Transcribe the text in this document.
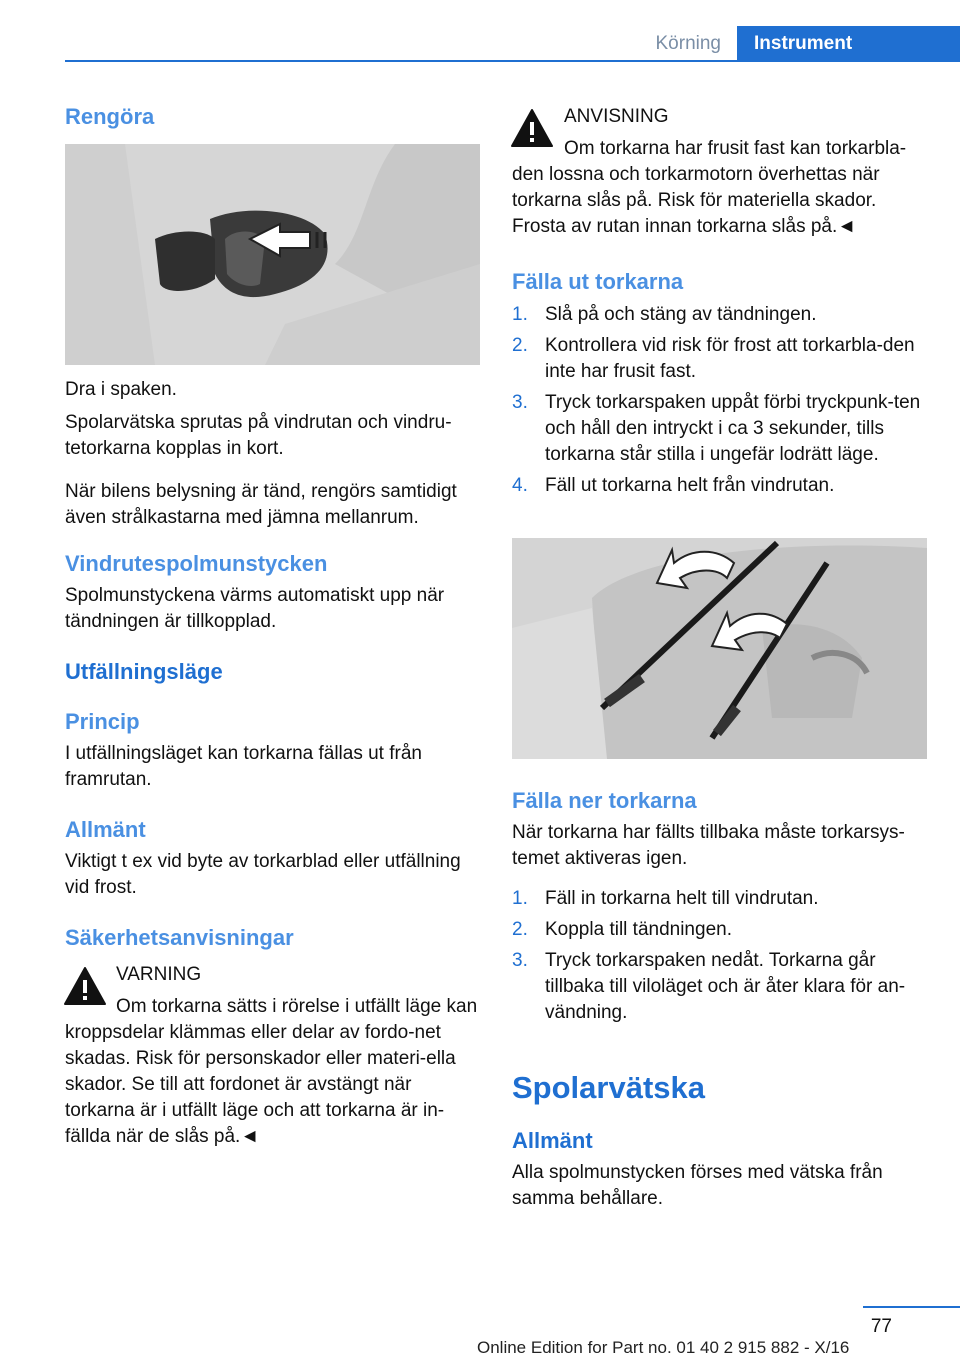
Körning	Instrument
Rengöra
Dra i spaken.
Spolarvätska sprutas på vindrutan och vindru‐tetorkarna kopplas in kort.
När bilens belysning är tänd, rengörs samtidigt även strålkastarna med jämna mellanrum.
Vindrutespolmunstycken
Spolmunstyckena värms automatiskt upp när tändningen är tillkopplad.
Utfällningsläge
Princip
I utfällningsläget kan torkarna fällas ut från framrutan.
Allmänt
Viktigt t ex vid byte av torkarblad eller utfällning vid frost.
Säkerhetsanvisningar
VARNING
Om torkarna sätts i rörelse i utfällt läge kan kroppsdelar klämmas eller delar av fordo‐net skadas. Risk för personskador eller materi‐ella skador. Se till att fordonet är avstängt när torkarna är i utfällt läge och att torkarna är in‐fällda när de slås på.◄
ANVISNING
Om torkarna har frusit fast kan torkarbla‐den lossna och torkarmotorn överhettas när torkarna slås på. Risk för materiella skador. Frosta av rutan innan torkarna slås på.◄
Fälla ut torkarna
1. Slå på och stäng av tändningen.
2. Kontrollera vid risk för frost att torkarbla‐den inte har frusit fast.
3. Tryck torkarspaken uppåt förbi tryckpunk‐ten och håll den intryckt i ca 3 sekunder, tills torkarna står stilla i ungefär lodrätt läge.
4. Fäll ut torkarna helt från vindrutan.
Fälla ner torkarna
När torkarna har fällts tillbaka måste torkarsys‐temet aktiveras igen.
1. Fäll in torkarna helt till vindrutan.
2. Koppla till tändningen.
3. Tryck torkarspaken nedåt. Torkarna går tillbaka till viloläget och är åter klara för an‐vändning.
Spolarvätska
Allmänt
Alla spolmunstycken förses med vätska från samma behållare.
77
Online Edition for Part no. 01 40 2 915 882 - X/16
